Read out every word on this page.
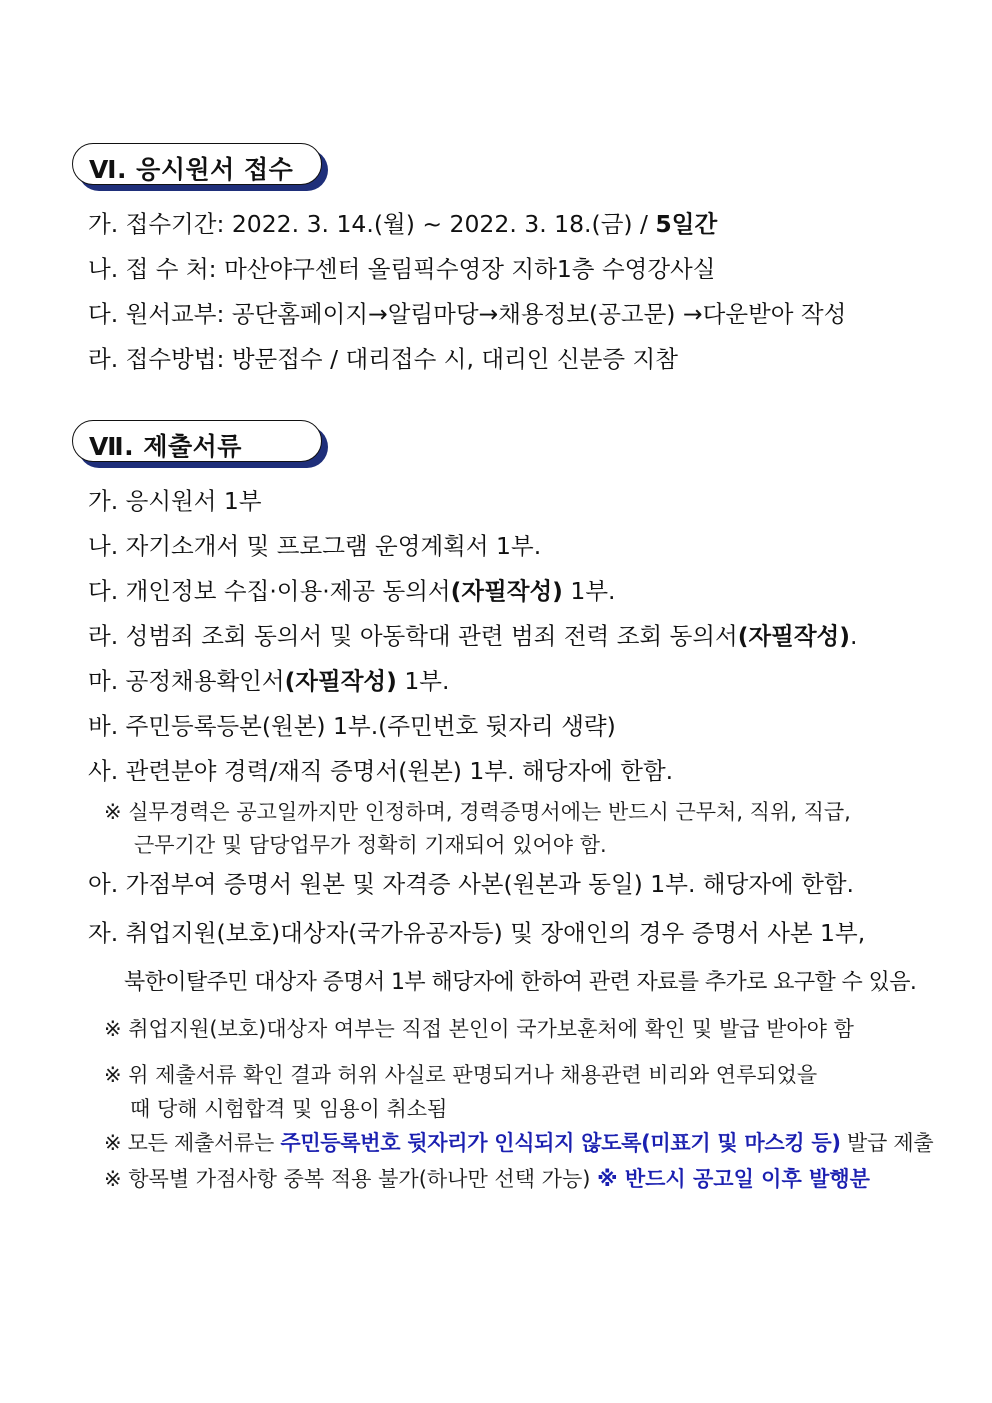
Ⅵ. 응시원서 접수
가. 접수기간: 2022. 3. 14.(월) ~ 2022. 3. 18.(금) / 5일간
나. 접 수 처: 마산야구센터 올림픽수영장 지하1층 수영강사실
다. 원서교부: 공단홈페이지→알림마당→채용정보(공고문) →다운받아 작성
라. 접수방법: 방문접수 / 대리접수 시, 대리인 신분증 지참
Ⅶ. 제출서류
가. 응시원서 1부
나. 자기소개서 및 프로그램 운영계획서 1부.
다. 개인정보 수집·이용·제공 동의서(자필작성) 1부.
라. 성범죄 조회 동의서 및 아동학대 관련 범죄 전력 조회 동의서(자필작성).
마. 공정채용확인서(자필작성) 1부.
바. 주민등록등본(원본) 1부.(주민번호 뒷자리 생략)
사. 관련분야 경력/재직 증명서(원본) 1부. 해당자에 한함.
※ 실무경력은 공고일까지만 인정하며, 경력증명서에는 반드시 근무처, 직위, 직급,
근무기간 및 담당업무가 정확히 기재되어 있어야 함.
아. 가점부여 증명서 원본 및 자격증 사본(원본과 동일) 1부. 해당자에 한함.
자. 취업지원(보호)대상자(국가유공자등) 및 장애인의 경우 증명서 사본 1부,
북한이탈주민 대상자 증명서 1부 해당자에 한하여 관련 자료를 추가로 요구할 수 있음.
※ 취업지원(보호)대상자 여부는 직접 본인이 국가보훈처에 확인 및 발급 받아야 함
※ 위 제출서류 확인 결과 허위 사실로 판명되거나 채용관련 비리와 연루되었을
때 당해 시험합격 및 임용이 취소됨
※ 모든 제출서류는 주민등록번호 뒷자리가 인식되지 않도록(미표기 및 마스킹 등) 발급 제출
※ 항목별 가점사항 중복 적용 불가(하나만 선택 가능) ※ 반드시 공고일 이후 발행분
